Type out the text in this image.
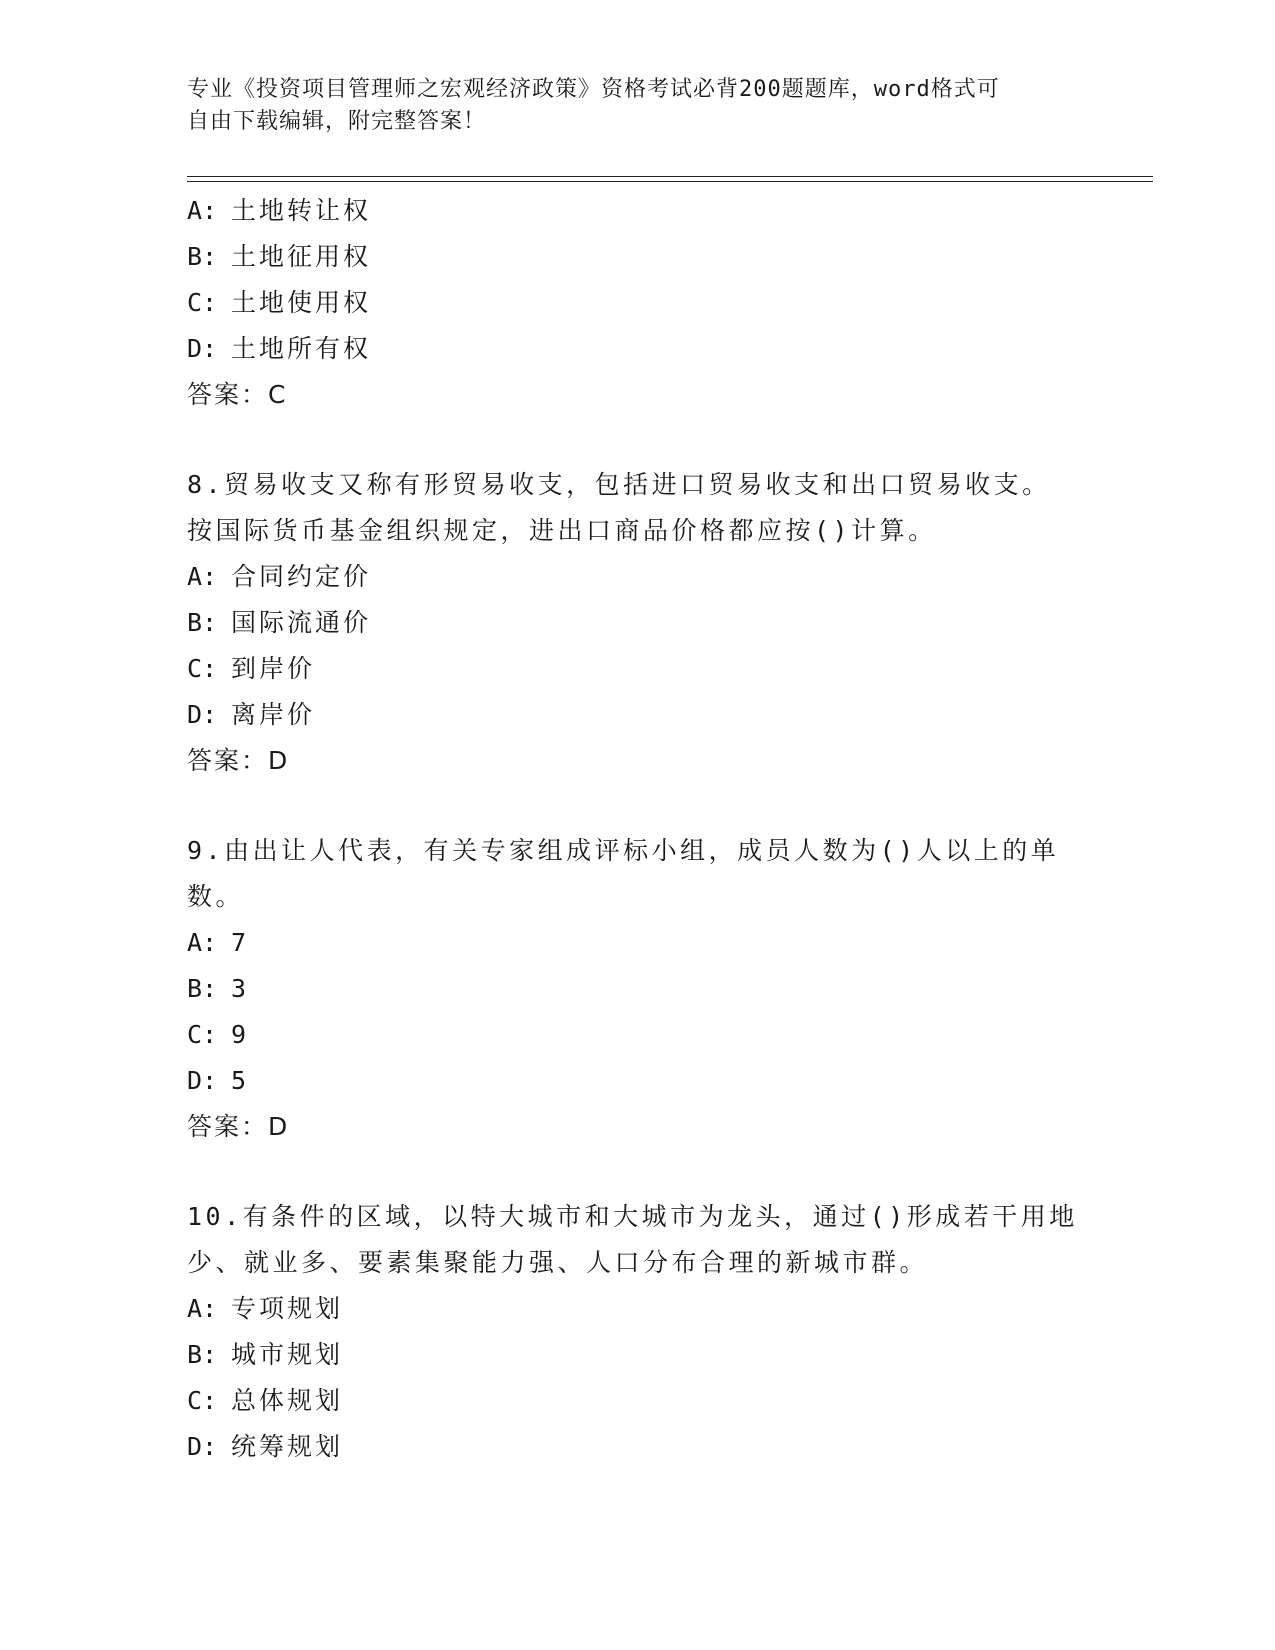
专业《投资项目管理师之宏观经济政策》资格考试必背200题题库，word格式可
自由下载编辑，附完整答案！
A: 土地转让权
B: 土地征用权
C: 土地使用权
D: 土地所有权
答案：C
8.贸易收支又称有形贸易收支，包括进口贸易收支和出口贸易收支。
按国际货币基金组织规定，进出口商品价格都应按()计算。
A: 合同约定价
B: 国际流通价
C: 到岸价
D: 离岸价
答案：D
9.由出让人代表，有关专家组成评标小组，成员人数为()人以上的单
数。
A: 7
B: 3
C: 9
D: 5
答案：D
10.有条件的区域，以特大城市和大城市为龙头，通过()形成若干用地
少、就业多、要素集聚能力强、人口分布合理的新城市群。
A: 专项规划
B: 城市规划
C: 总体规划
D: 统筹规划
